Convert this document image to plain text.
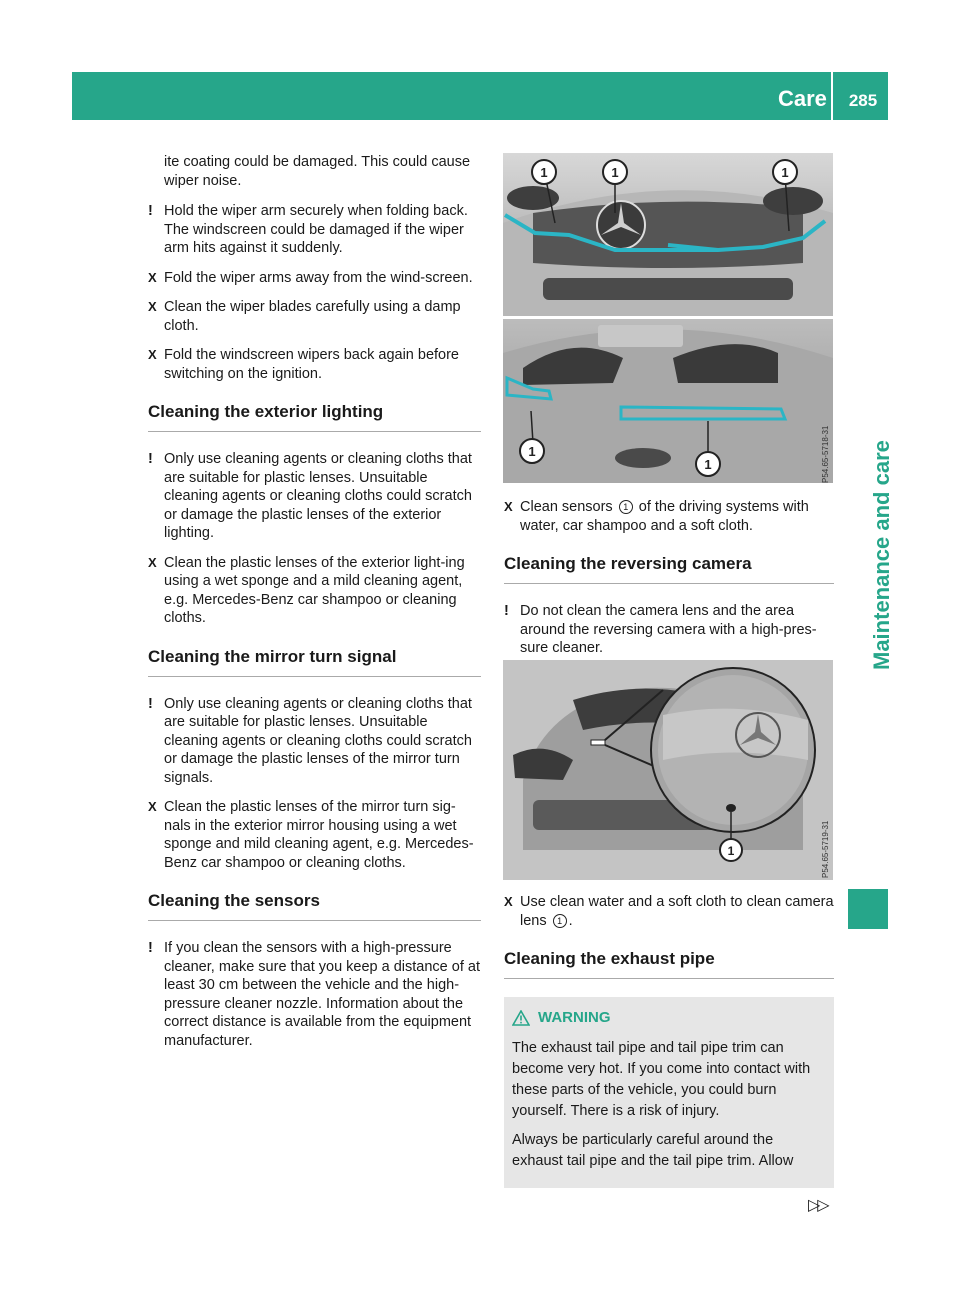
Care	285
Maintenance and care

ite coating could be damaged. This could cause wiper noise.

! Hold the wiper arm securely when folding back. The windscreen could be damaged if the wiper arm hits against it suddenly.
X Fold the wiper arms away from the wind-screen.
X Clean the wiper blades carefully using a damp cloth.
X Fold the windscreen wipers back again before switching on the ignition.
Cleaning the exterior lighting
! Only use cleaning agents or cleaning cloths that are suitable for plastic lenses. Unsuitable cleaning agents or cleaning cloths could scratch or damage the plastic lenses of the exterior lighting.
X Clean the plastic lenses of the exterior light-ing using a wet sponge and a mild cleaning agent, e.g. Mercedes-Benz car shampoo or cleaning cloths.
Cleaning the mirror turn signal
! Only use cleaning agents or cleaning cloths that are suitable for plastic lenses. Unsuitable cleaning agents or cleaning cloths could scratch or damage the plastic lenses of the mirror turn signals.
X Clean the plastic lenses of the mirror turn sig-nals in the exterior mirror housing using a wet sponge and mild cleaning agent, e.g. Mercedes-Benz car shampoo or cleaning cloths.
Cleaning the sensors
! If you clean the sensors with a high-pressure cleaner, make sure that you keep a distance of at least 30 cm between the vehicle and the high-pressure cleaner nozzle. Information about the correct distance is available from the equipment manufacturer.
1	1	1
1
1	P54.65-5718-31
X Clean sensors 1 of the driving systems with water, car shampoo and a soft cloth.
Cleaning the reversing camera
! Do not clean the camera lens and the area around the reversing camera with a high-pres-sure cleaner.
1	P54.65-5719-31
X Use clean water and a soft cloth to clean camera lens 1 .
Cleaning the exhaust pipe
WARNING

The exhaust tail pipe and tail pipe trim can become very hot. If you come into contact with these parts of the vehicle, you could burn yourself. There is a risk of injury.

Always be particularly careful around the exhaust tail pipe and the tail pipe trim. Allow

▷▷
